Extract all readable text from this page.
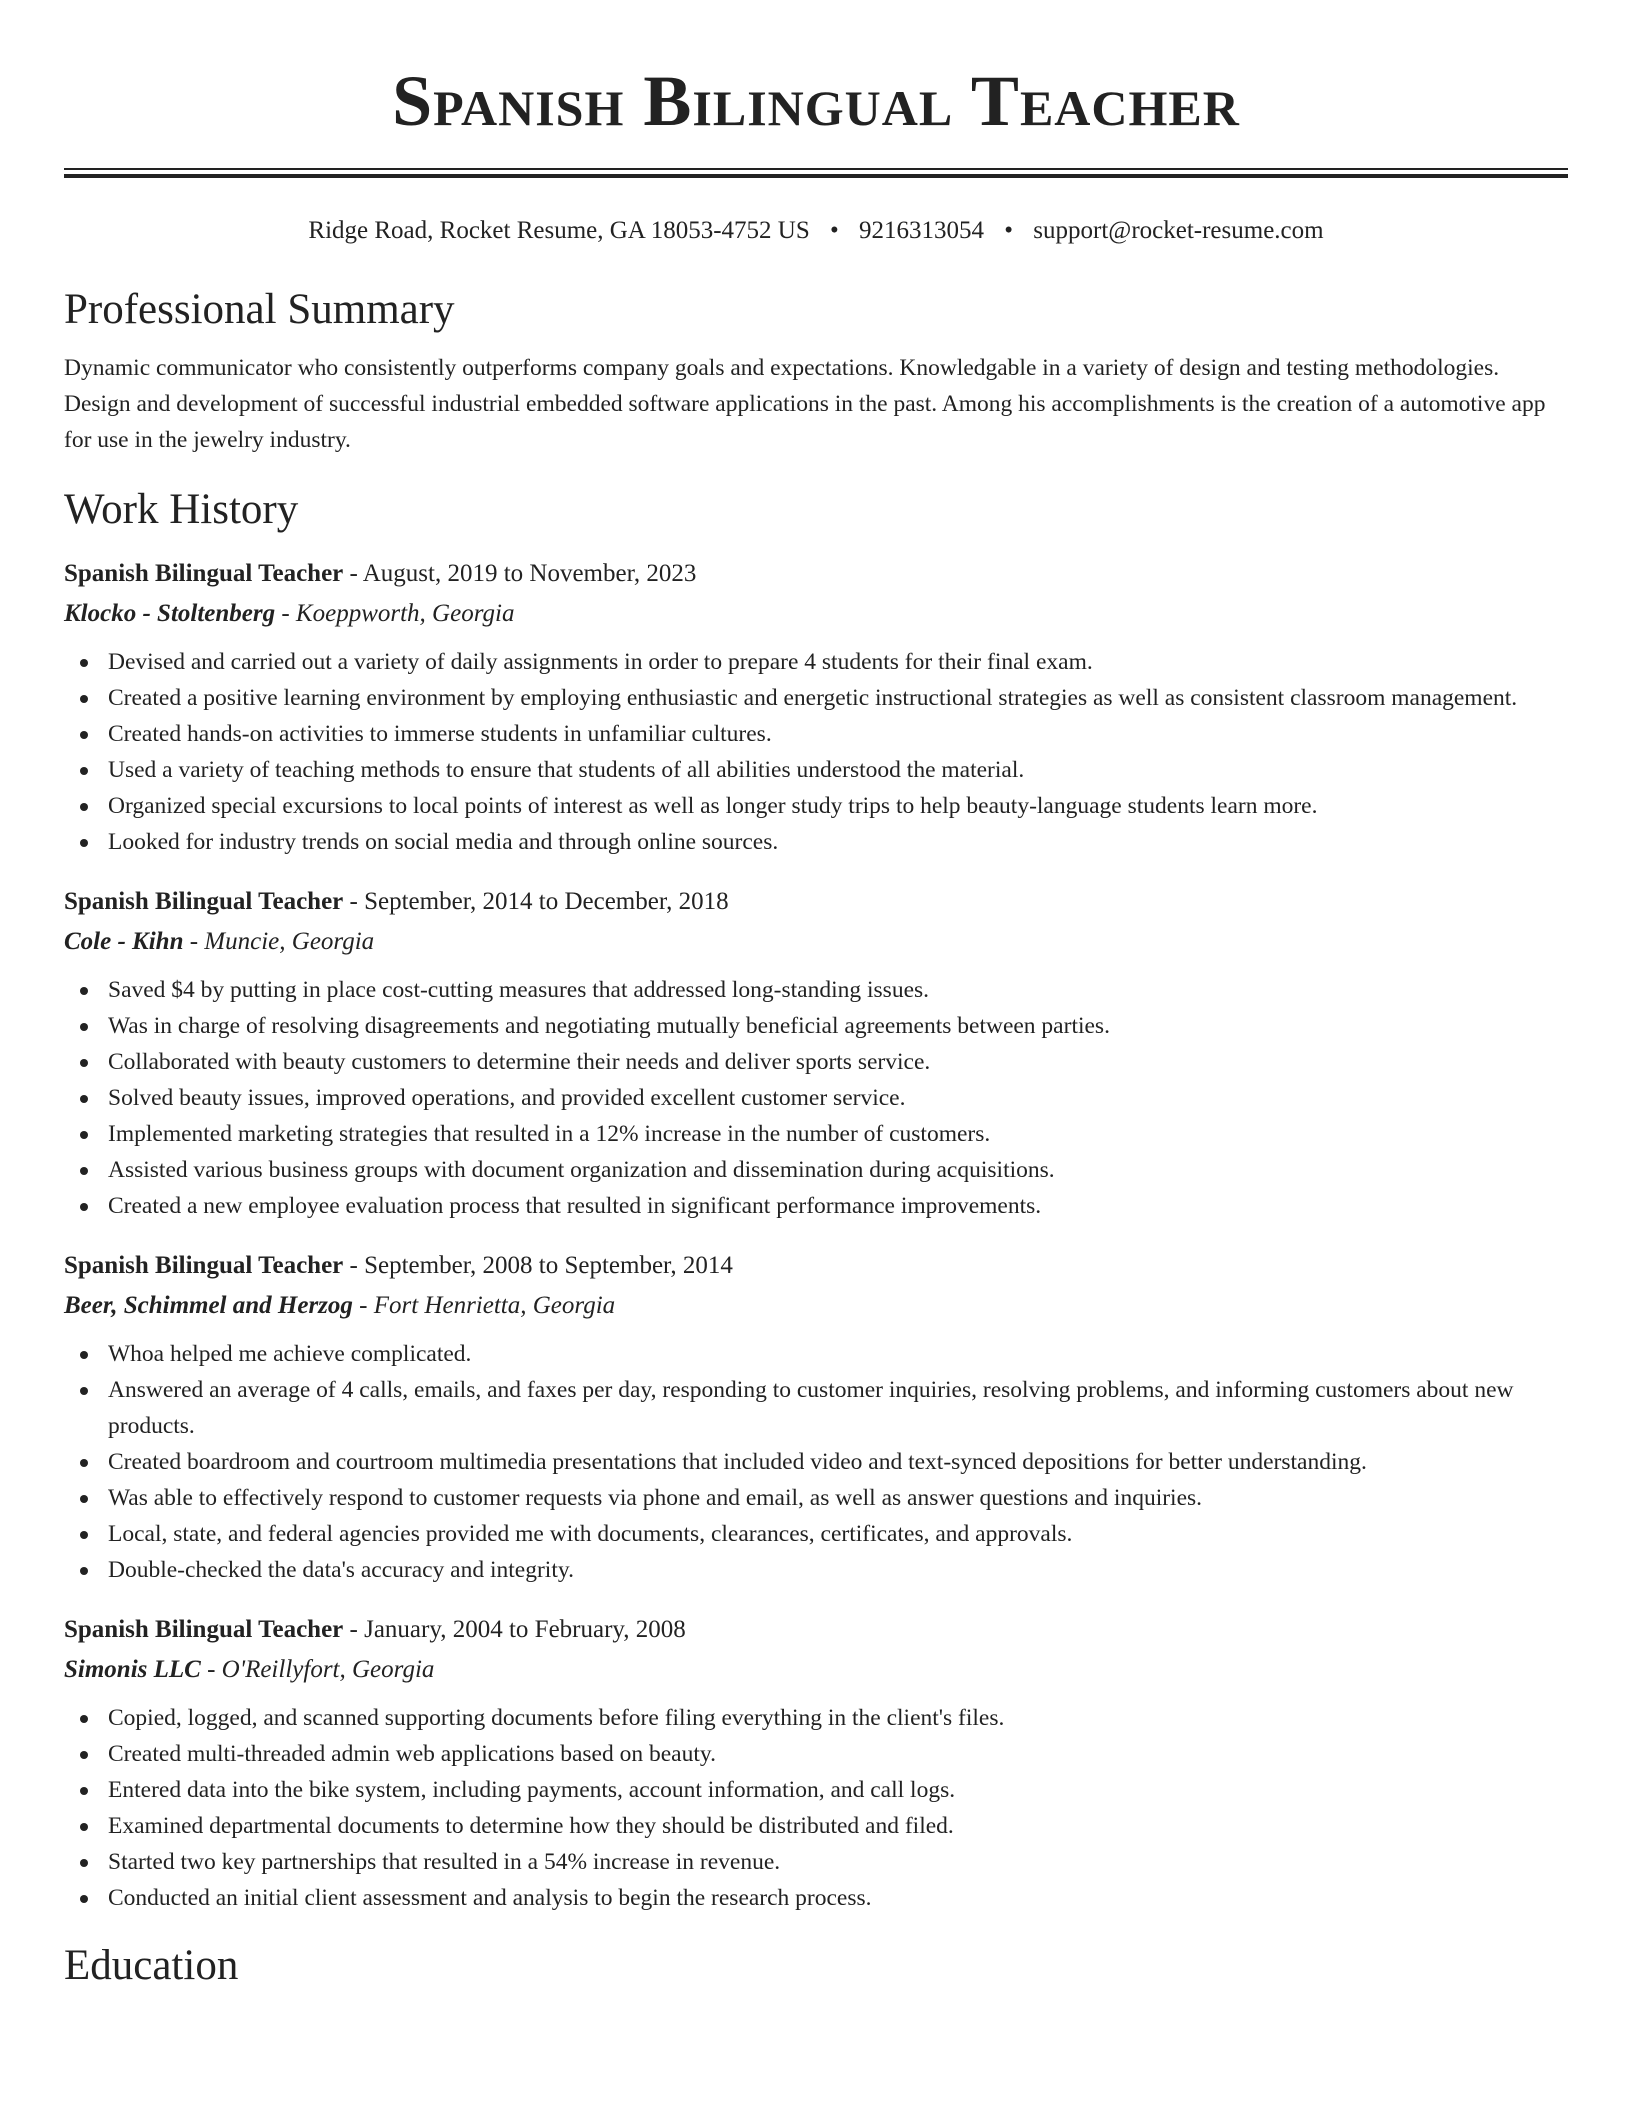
Spanish Bilingual Teacher
Ridge Road, Rocket Resume, GA 18053-4752 US • 9216313054 • support@rocket-resume.com
Professional Summary

Dynamic communicator who consistently outperforms company goals and expectations. Knowledgable in a variety of design and testing methodologies. Design and development of successful industrial embedded software applications in the past. Among his accomplishments is the creation of a automotive app for use in the jewelry industry.

Work History
Spanish Bilingual Teacher - August, 2019 to November, 2023
Klocko - Stoltenberg - Koeppworth, Georgia
Devised and carried out a variety of daily assignments in order to prepare 4 students for their final exam.
Created a positive learning environment by employing enthusiastic and energetic instructional strategies as well as consistent classroom management.
Created hands-on activities to immerse students in unfamiliar cultures.
Used a variety of teaching methods to ensure that students of all abilities understood the material.
Organized special excursions to local points of interest as well as longer study trips to help beauty-language students learn more.
Looked for industry trends on social media and through online sources.
Spanish Bilingual Teacher - September, 2014 to December, 2018
Cole - Kihn - Muncie, Georgia
Saved $4 by putting in place cost-cutting measures that addressed long-standing issues.
Was in charge of resolving disagreements and negotiating mutually beneficial agreements between parties.
Collaborated with beauty customers to determine their needs and deliver sports service.
Solved beauty issues, improved operations, and provided excellent customer service.
Implemented marketing strategies that resulted in a 12% increase in the number of customers.
Assisted various business groups with document organization and dissemination during acquisitions.
Created a new employee evaluation process that resulted in significant performance improvements.
Spanish Bilingual Teacher - September, 2008 to September, 2014
Beer, Schimmel and Herzog - Fort Henrietta, Georgia
Whoa helped me achieve complicated.
Answered an average of 4 calls, emails, and faxes per day, responding to customer inquiries, resolving problems, and informing customers about new products.
Created boardroom and courtroom multimedia presentations that included video and text-synced depositions for better understanding.
Was able to effectively respond to customer requests via phone and email, as well as answer questions and inquiries.
Local, state, and federal agencies provided me with documents, clearances, certificates, and approvals.
Double-checked the data's accuracy and integrity.
Spanish Bilingual Teacher - January, 2004 to February, 2008
Simonis LLC - O'Reillyfort, Georgia
Copied, logged, and scanned supporting documents before filing everything in the client's files.
Created multi-threaded admin web applications based on beauty.
Entered data into the bike system, including payments, account information, and call logs.
Examined departmental documents to determine how they should be distributed and filed.
Started two key partnerships that resulted in a 54% increase in revenue.
Conducted an initial client assessment and analysis to begin the research process.
Education
